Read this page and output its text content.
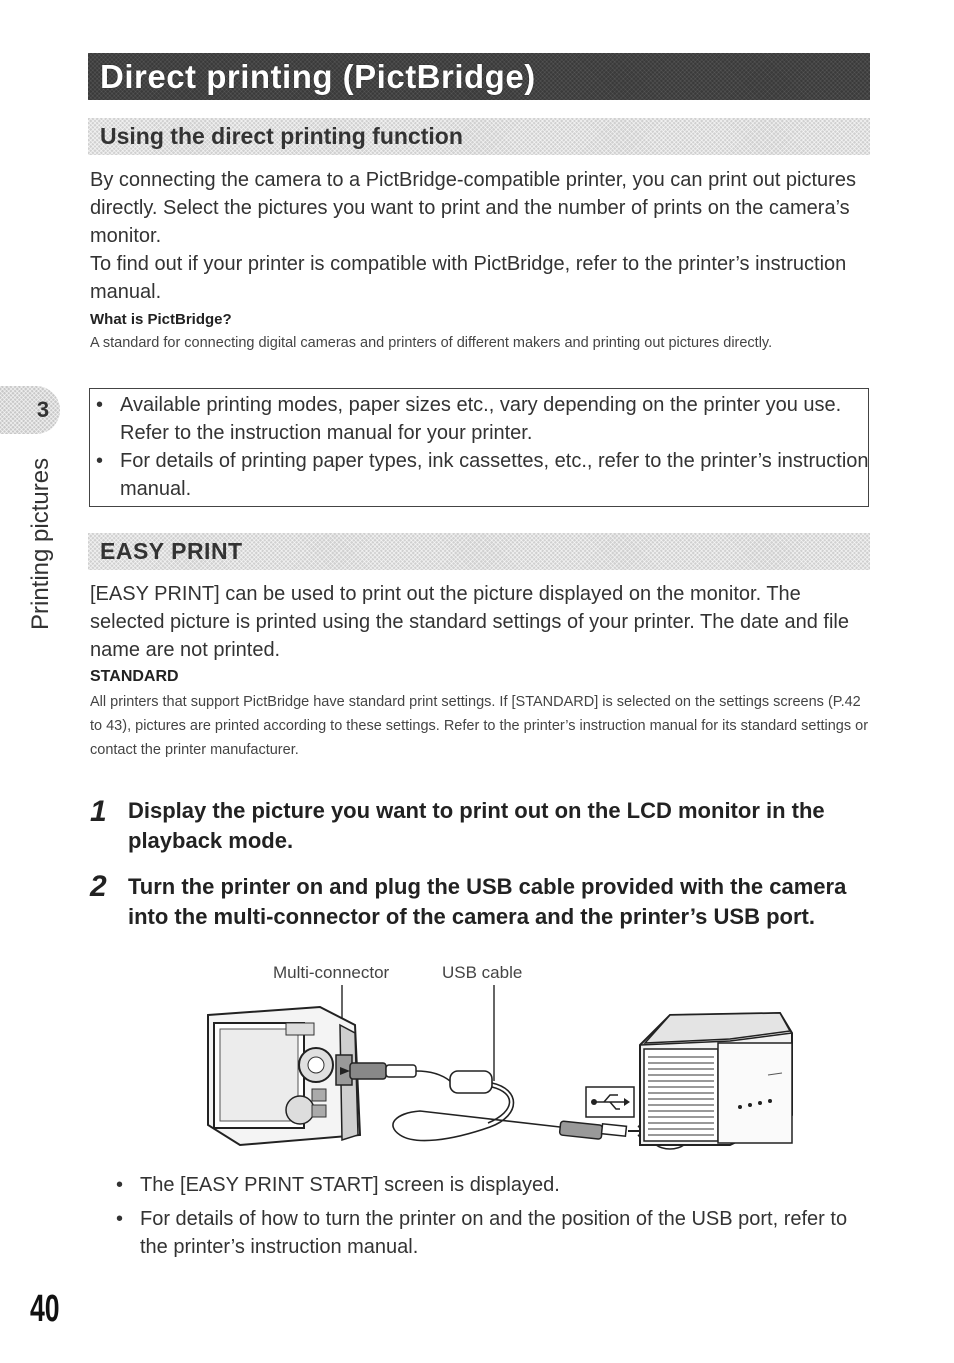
Direct printing (PictBridge)
Using the direct printing function
By connecting the camera to a PictBridge-compatible printer, you can print out pictures directly. Select the pictures you want to print and the number of prints on the camera’s monitor.
To find out if your printer is compatible with PictBridge, refer to the printer’s instruction manual.
What is PictBridge?
A standard for connecting digital cameras and printers of different makers and printing out pictures directly.
3
Printing pictures
• Available printing modes, paper sizes etc., vary depending on the printer you use. Refer to the instruction manual for your printer.
• For details of printing paper types, ink cassettes, etc., refer to the printer’s instruction manual.
EASY PRINT
[EASY PRINT] can be used to print out the picture displayed on the monitor. The selected picture is printed using the standard settings of your printer. The date and file name are not printed.
STANDARD
All printers that support PictBridge have standard print settings. If [STANDARD] is selected on the settings screens (P.42 to 43), pictures are printed according to these settings. Refer to the printer’s instruction manual for its standard settings or contact the printer manufacturer.
1 Display the picture you want to print out on the LCD monitor in the playback mode.
2 Turn the printer on and plug the USB cable provided with the camera into the multi-connector of the camera and the printer’s USB port.
Multi-connector	USB cable
• The [EASY PRINT START] screen is displayed.
• For details of how to turn the printer on and the position of the USB port, refer to the printer’s instruction manual.
40
